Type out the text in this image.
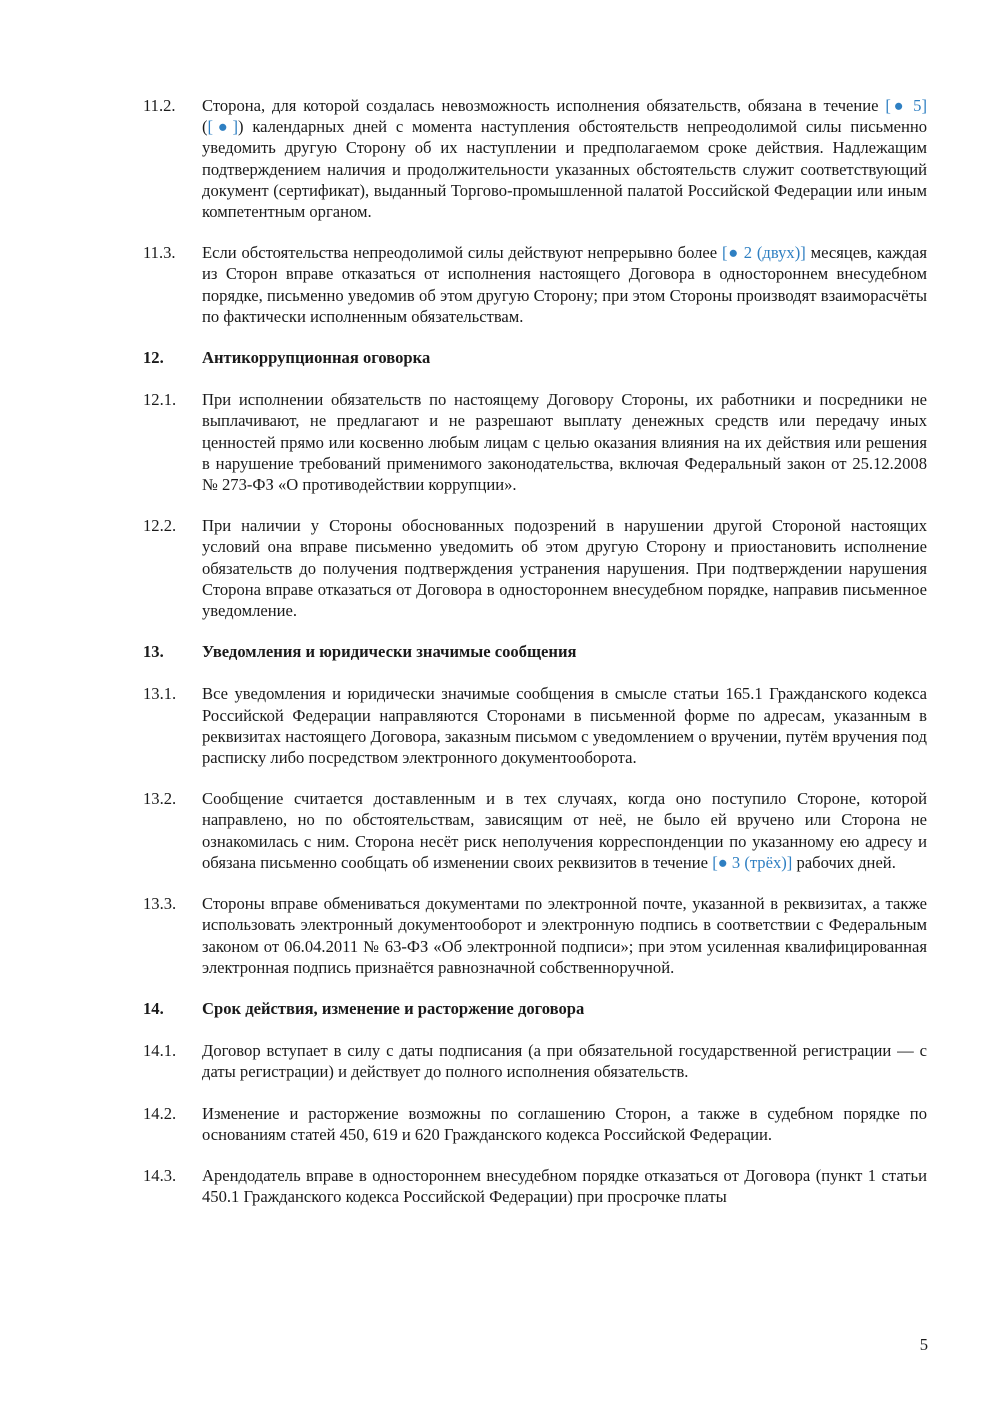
11.2.	Сторона, для которой создалась невозможность исполнения обязательств, обязана в течение [● 5] ([●]) календарных дней с момента наступления обстоятельств непреодолимой силы письменно уведомить другую Сторону об их наступлении и предполагаемом сроке действия. Надлежащим подтверждением наличия и продолжительности указанных обстоятельств служит соответствующий документ (сертификат), выданный Торгово-промышленной палатой Российской Федерации или иным компетентным органом.
11.3.	Если обстоятельства непреодолимой силы действуют непрерывно более [● 2 (двух)] месяцев, каждая из Сторон вправе отказаться от исполнения настоящего Договора в одностороннем внесудебном порядке, письменно уведомив об этом другую Сторону; при этом Стороны производят взаиморасчёты по фактически исполненным обязательствам.
12.	Антикоррупционная оговорка
12.1.	При исполнении обязательств по настоящему Договору Стороны, их работники и посредники не выплачивают, не предлагают и не разрешают выплату денежных средств или передачу иных ценностей прямо или косвенно любым лицам с целью оказания влияния на их действия или решения в нарушение требований применимого законодательства, включая Федеральный закон от 25.12.2008 № 273-ФЗ «О противодействии коррупции».
12.2.	При наличии у Стороны обоснованных подозрений в нарушении другой Стороной настоящих условий она вправе письменно уведомить об этом другую Сторону и приостановить исполнение обязательств до получения подтверждения устранения нарушения. При подтверждении нарушения Сторона вправе отказаться от Договора в одностороннем внесудебном порядке, направив письменное уведомление.
13.	Уведомления и юридически значимые сообщения
13.1.	Все уведомления и юридически значимые сообщения в смысле статьи 165.1 Гражданского кодекса Российской Федерации направляются Сторонами в письменной форме по адресам, указанным в реквизитах настоящего Договора, заказным письмом с уведомлением о вручении, путём вручения под расписку либо посредством электронного документооборота.
13.2.	Сообщение считается доставленным и в тех случаях, когда оно поступило Стороне, которой направлено, но по обстоятельствам, зависящим от неё, не было ей вручено или Сторона не ознакомилась с ним. Сторона несёт риск неполучения корреспонденции по указанному ею адресу и обязана письменно сообщать об изменении своих реквизитов в течение [● 3 (трёх)] рабочих дней.
13.3.	Стороны вправе обмениваться документами по электронной почте, указанной в реквизитах, а также использовать электронный документооборот и электронную подпись в соответствии с Федеральным законом от 06.04.2011 № 63-ФЗ «Об электронной подписи»; при этом усиленная квалифицированная электронная подпись признаётся равнозначной собственноручной.
14.	Срок действия, изменение и расторжение договора
14.1.	Договор вступает в силу с даты подписания (а при обязательной государственной регистрации — с даты регистрации) и действует до полного исполнения обязательств.
14.2.	Изменение и расторжение возможны по соглашению Сторон, а также в судебном порядке по основаниям статей 450, 619 и 620 Гражданского кодекса Российской Федерации.
14.3.	Арендодатель вправе в одностороннем внесудебном порядке отказаться от Договора (пункт 1 статьи 450.1 Гражданского кодекса Российской Федерации) при просрочке платы
5
